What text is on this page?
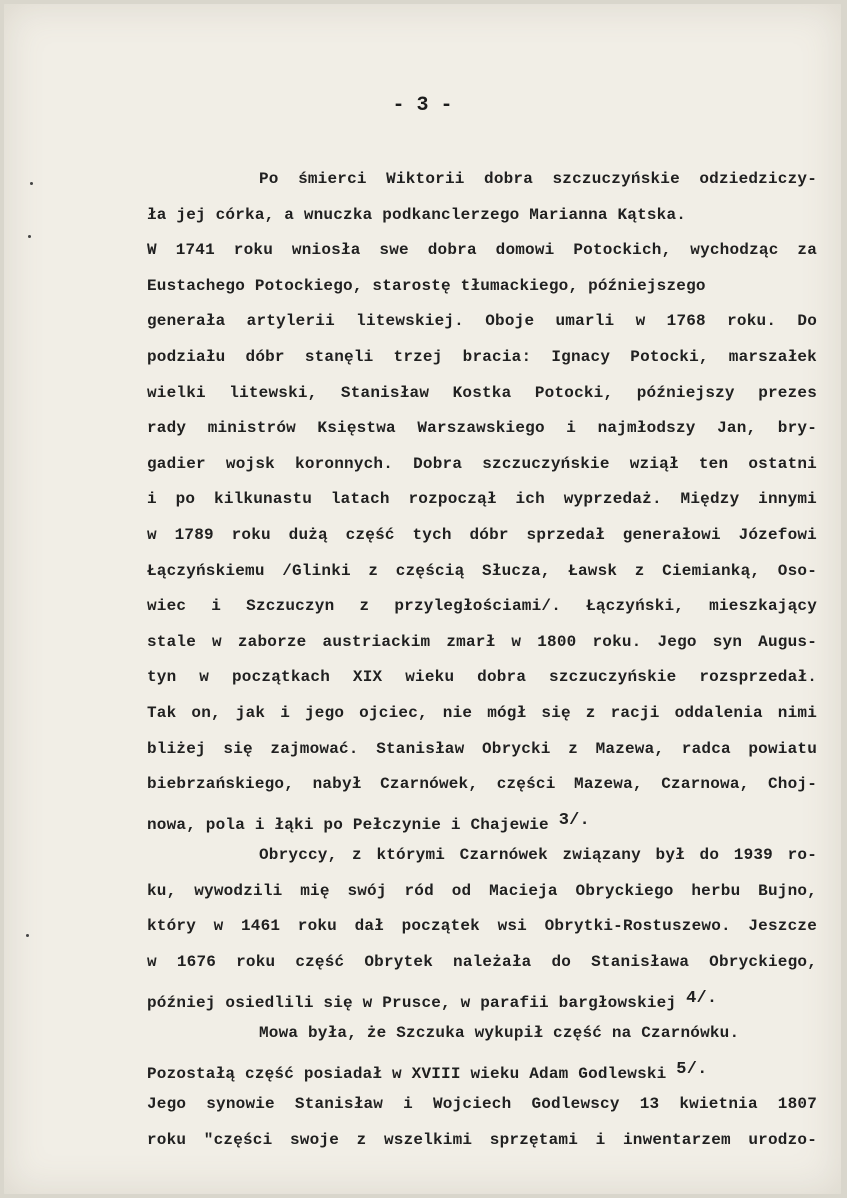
- 3 -
Po śmierci Wiktorii dobra szczuczyńskie odziedziczy-
ła jej córka, a wnuczka podkanclerzego Marianna Kątska.
W 1741 roku wniosła swe dobra domowi Potockich, wychodząc za
Eustachego Potockiego, starostę tłumackiego, późniejszego
generała artylerii litewskiej. Oboje umarli w 1768 roku. Do
podziału dóbr stanęli trzej bracia: Ignacy Potocki, marszałek
wielki litewski, Stanisław Kostka Potocki, późniejszy prezes
rady ministrów Księstwa Warszawskiego i najmłodszy Jan, bry-
gadier wojsk koronnych. Dobra szczuczyńskie wziął ten ostatni
i po kilkunastu latach rozpoczął ich wyprzedaż. Między innymi
w 1789 roku dużą część tych dóbr sprzedał generałowi Józefowi
Łączyńskiemu /Glinki z częścią Słucza, Ławsk z Ciemianką, Oso-
wiec i Szczuczyn z przyległościami/. Łączyński, mieszkający
stale w zaborze austriackim zmarł w 1800 roku. Jego syn Augus-
tyn w początkach XIX wieku dobra szczuczyńskie rozsprzedał.
Tak on, jak i jego ojciec, nie mógł się z racji oddalenia nimi
bliżej się zajmować. Stanisław Obrycki z Mazewa, radca powiatu
biebrzańskiego, nabył Czarnówek, części Mazewa, Czarnowa, Choj-
nowa, pola i łąki po Pełczynie i Chajewie 3/.
Obryccy, z którymi Czarnówek związany był do 1939 ro-
ku, wywodzili mię swój ród od Macieja Obryckiego herbu Bujno,
który w 1461 roku dał początek wsi Obrytki-Rostuszewo. Jeszcze
w 1676 roku część Obrytek należała do Stanisława Obryckiego,
później osiedlili się w Prusce, w parafii bargłowskiej 4/.
Mowa była, że Szczuka wykupił część na Czarnówku.
Pozostałą część posiadał w XVIII wieku Adam Godlewski 5/.
Jego synowie Stanisław i Wojciech Godlewscy 13 kwietnia 1807
roku "części swoje z wszelkimi sprzętami i inwentarzem urodzo-
